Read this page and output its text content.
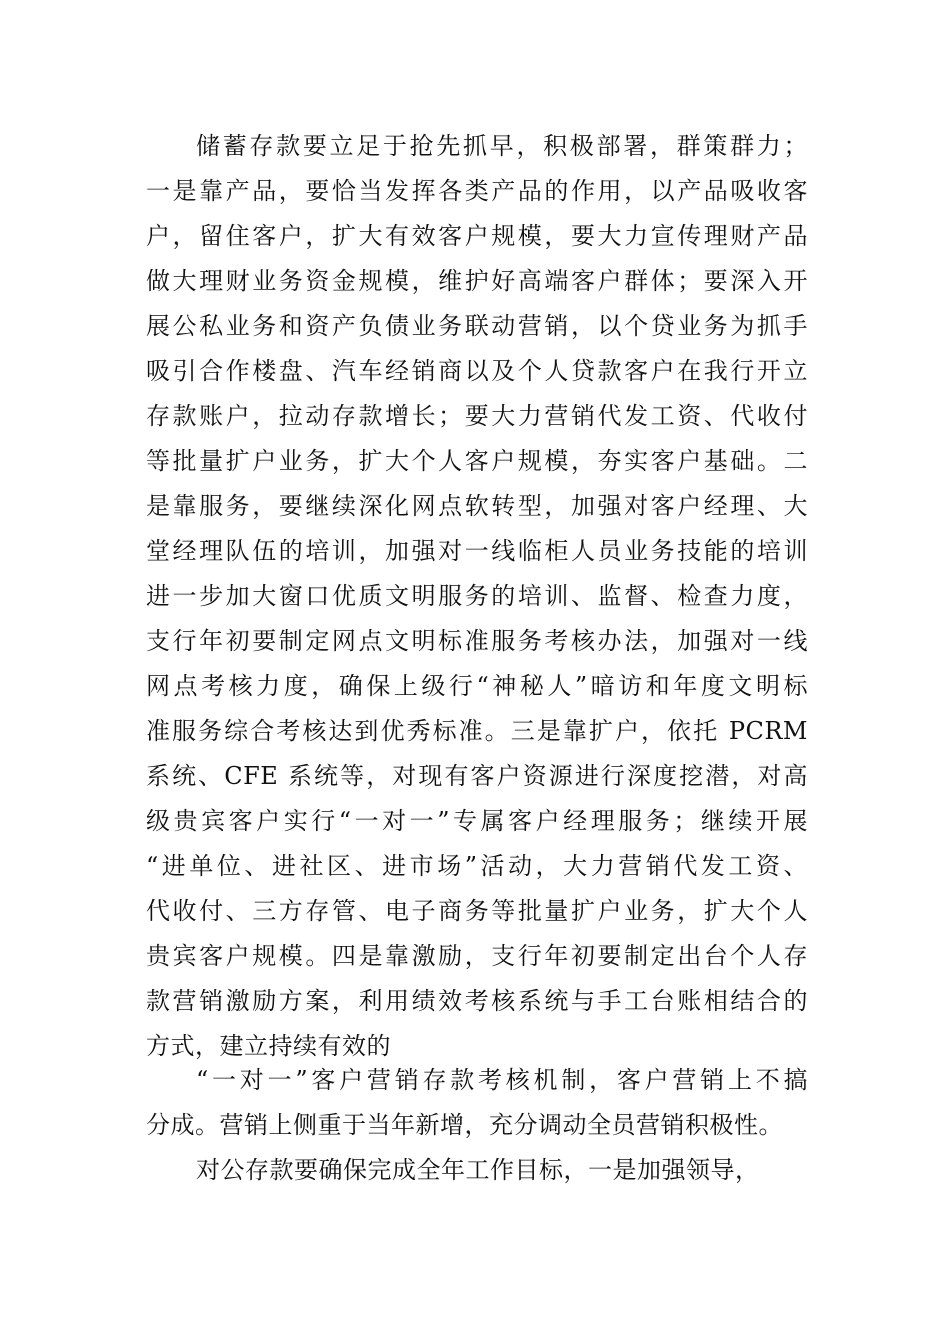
储蓄存款要立足于抢先抓早，积极部署，群策群力；
一是靠产品，要恰当发挥各类产品的作用，以产品吸收客
户，留住客户，扩大有效客户规模，要大力宣传理财产品
做大理财业务资金规模，维护好高端客户群体；要深入开
展公私业务和资产负债业务联动营销，以个贷业务为抓手
吸引合作楼盘、汽车经销商以及个人贷款客户在我行开立
存款账户，拉动存款增长；要大力营销代发工资、代收付
等批量扩户业务，扩大个人客户规模，夯实客户基础。二
是靠服务，要继续深化网点软转型，加强对客户经理、大
堂经理队伍的培训，加强对一线临柜人员业务技能的培训
进一步加大窗口优质文明服务的培训、监督、检查力度，
支行年初要制定网点文明标准服务考核办法，加强对一线
网点考核力度，确保上级行“神秘人”暗访和年度文明标
准服务综合考核达到优秀标准。三是靠扩户，依托 PCRM
系统、CFE 系统等，对现有客户资源进行深度挖潜，对高
级贵宾客户实行“一对一”专属客户经理服务；继续开展
“进单位、进社区、进市场”活动，大力营销代发工资、
代收付、三方存管、电子商务等批量扩户业务，扩大个人
贵宾客户规模。四是靠激励，支行年初要制定出台个人存
款营销激励方案，利用绩效考核系统与手工台账相结合的
方式，建立持续有效的
“一对一”客户营销存款考核机制，客户营销上不搞
分成。营销上侧重于当年新增，充分调动全员营销积极性。
对公存款要确保完成全年工作目标，一是加强领导，
